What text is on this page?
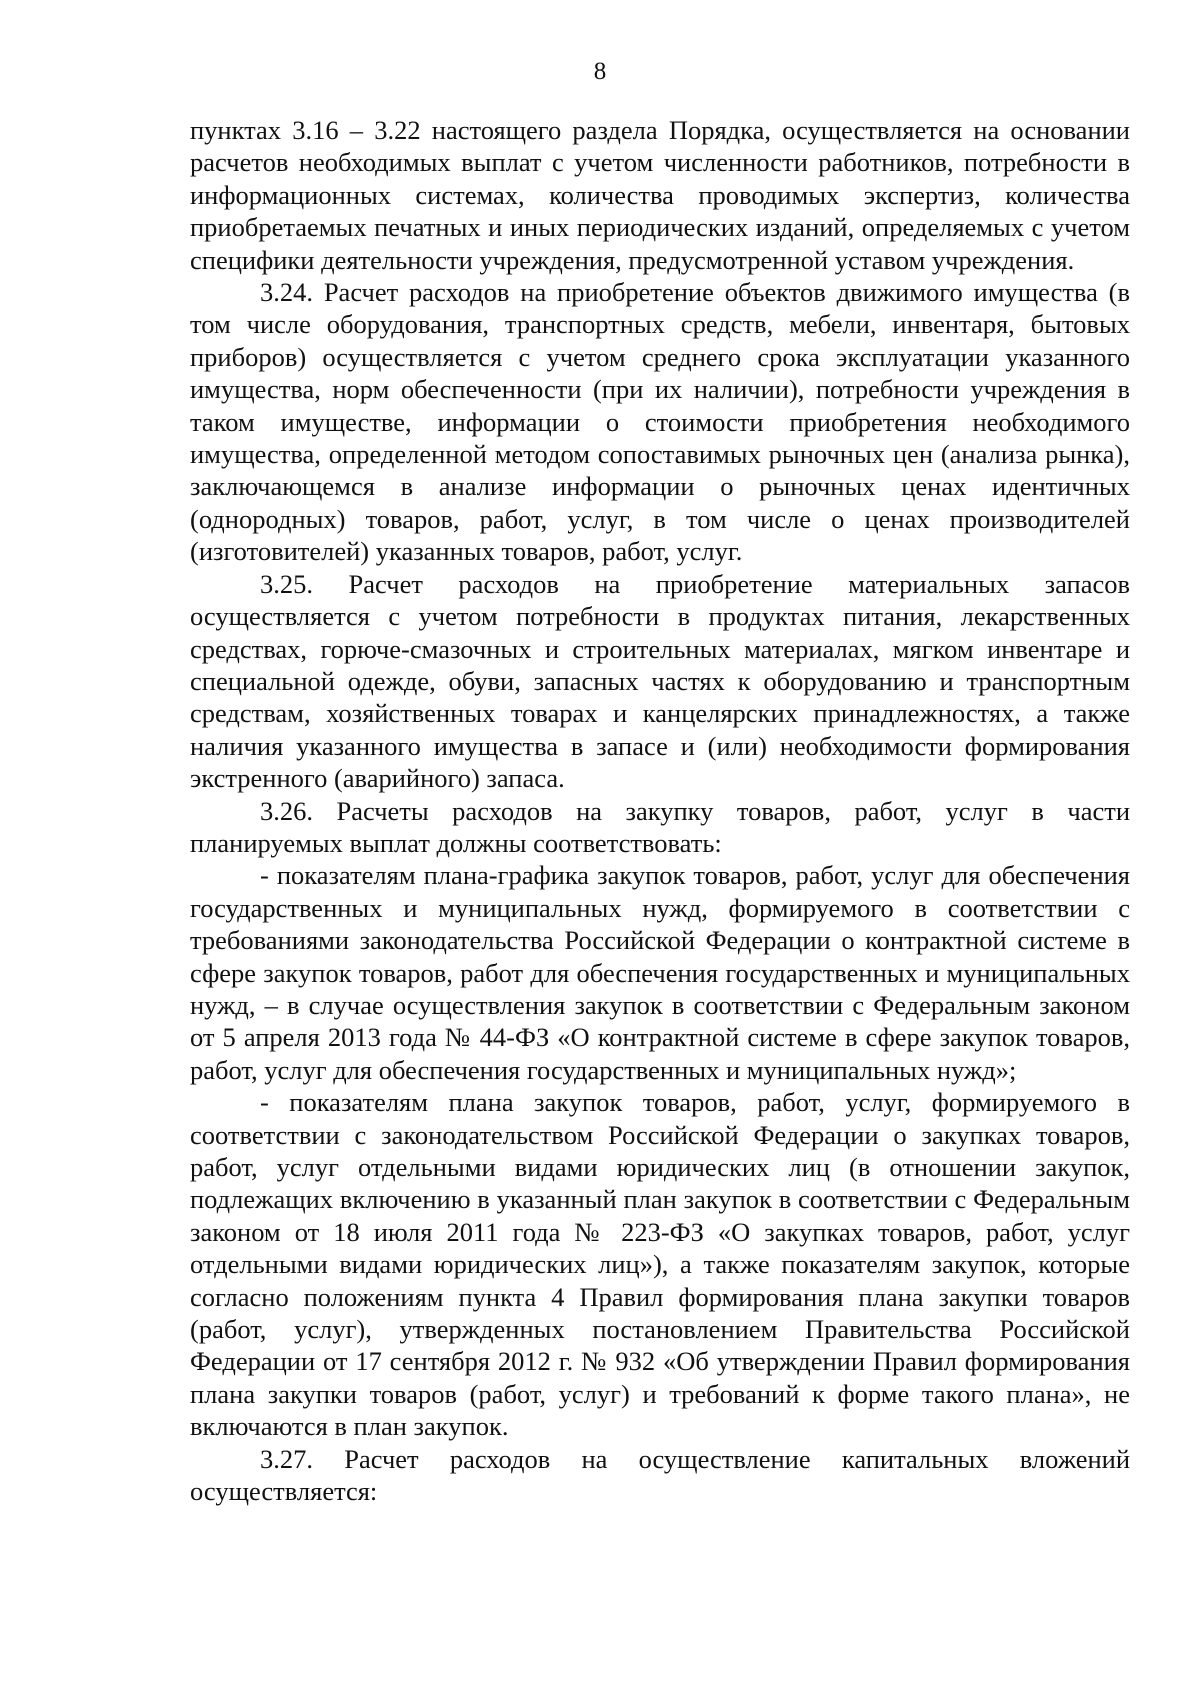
8

пунктах 3.16 – 3.22 настоящего раздела Порядка, осуществляется на основании расчетов необходимых выплат с учетом численности работников, потребности в информационных системах, количества проводимых экспертиз, количества приобретаемых печатных и иных периодических изданий, определяемых с учетом специфики деятельности учреждения, предусмотренной уставом учреждения.

3.24. Расчет расходов на приобретение объектов движимого имущества (в том числе оборудования, транспортных средств, мебели, инвентаря, бытовых приборов) осуществляется с учетом среднего срока эксплуатации указанного имущества, норм обеспеченности (при их наличии), потребности учреждения в таком имуществе, информации о стоимости приобретения необходимого имущества, определенной методом сопоставимых рыночных цен (анализа рынка), заключающемся в анализе информации о рыночных ценах идентичных (однородных) товаров, работ, услуг, в том числе о ценах производителей (изготовителей) указанных товаров, работ, услуг.

3.25. Расчет расходов на приобретение материальных запасов осуществляется с учетом потребности в продуктах питания, лекарственных средствах, горюче-смазочных и строительных материалах, мягком инвентаре и специальной одежде, обуви, запасных частях к оборудованию и транспортным средствам, хозяйственных товарах и канцелярских принадлежностях, а также наличия указанного имущества в запасе и (или) необходимости формирования экстренного (аварийного) запаса.

3.26. Расчеты расходов на закупку товаров, работ, услуг в части планируемых выплат должны соответствовать:

- показателям плана-графика закупок товаров, работ, услуг для обеспечения государственных и муниципальных нужд, формируемого в соответствии с требованиями законодательства Российской Федерации о контрактной системе в сфере закупок товаров, работ для обеспечения государственных и муниципальных нужд, – в случае осуществления закупок в соответствии с Федеральным законом от 5 апреля 2013 года № 44-ФЗ «О контрактной системе в сфере закупок товаров, работ, услуг для обеспечения государственных и муниципальных нужд»;

- показателям плана закупок товаров, работ, услуг, формируемого в соответствии с законодательством Российской Федерации о закупках товаров, работ, услуг отдельными видами юридических лиц (в отношении закупок, подлежащих включению в указанный план закупок в соответствии с Федеральным законом от 18 июля 2011 года № 223-ФЗ «О закупках товаров, работ, услуг отдельными видами юридических лиц»), а также показателям закупок, которые согласно положениям пункта 4 Правил формирования плана закупки товаров (работ, услуг), утвержденных постановлением Правительства Российской Федерации от 17 сентября 2012 г. № 932 «Об утверждении Правил формирования плана закупки товаров (работ, услуг) и требований к форме такого плана», не включаются в план закупок.

3.27. Расчет расходов на осуществление капитальных вложений осуществляется:
